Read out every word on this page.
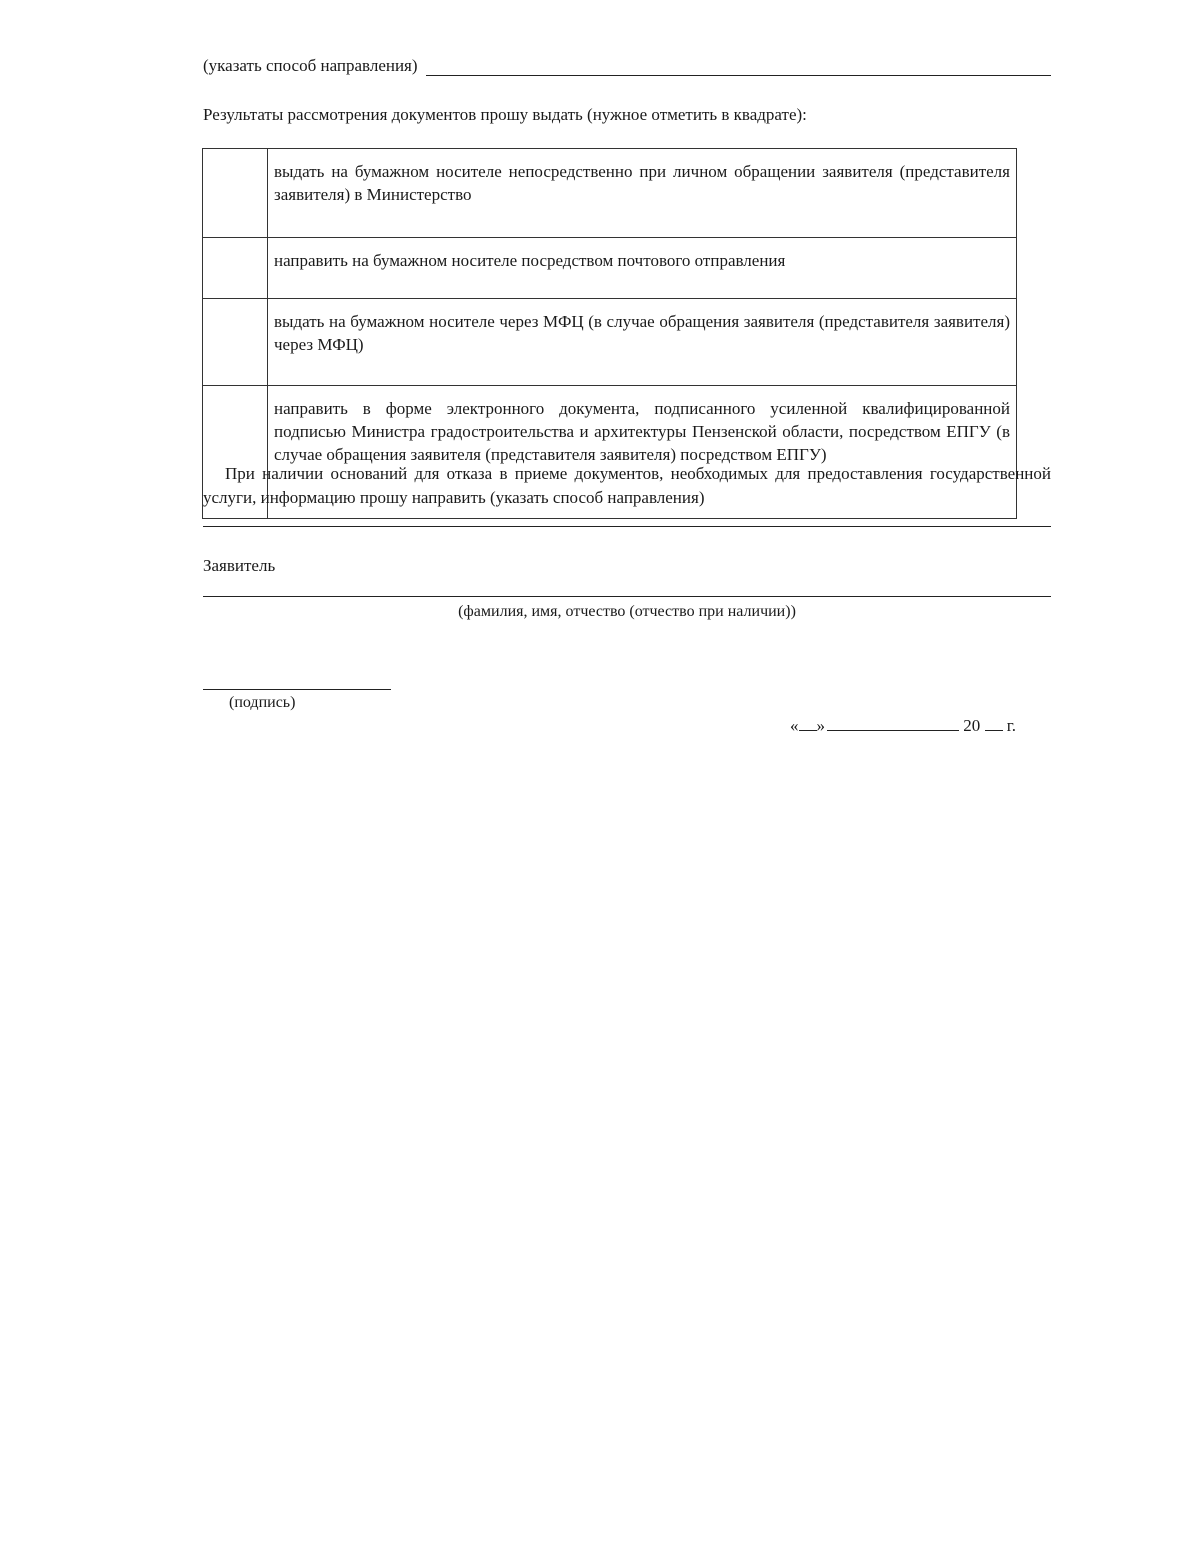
(указать способ направления)
Результаты рассмотрения документов прошу выдать (нужное отметить в квадрате):
	выдать на бумажном носителе непосредственно при личном обращении заявителя (представителя заявителя) в Министерство
	направить на бумажном носителе посредством почтового отправления
	выдать на бумажном носителе через МФЦ (в случае обращения заявителя (представителя заявителя) через МФЦ)
	направить в форме электронного документа, подписанного усиленной квалифицированной подписью Министра градостроительства и архитектуры Пензенской области, посредством ЕПГУ (в случае обращения заявителя (представителя заявителя) посредством ЕПГУ)
При наличии оснований для отказа в приеме документов, необходимых для предоставления государственной услуги, информацию прошу направить (указать способ направления)
Заявитель
(фамилия, имя, отчество (отчество при наличии))
(подпись)
« »	20 г.
